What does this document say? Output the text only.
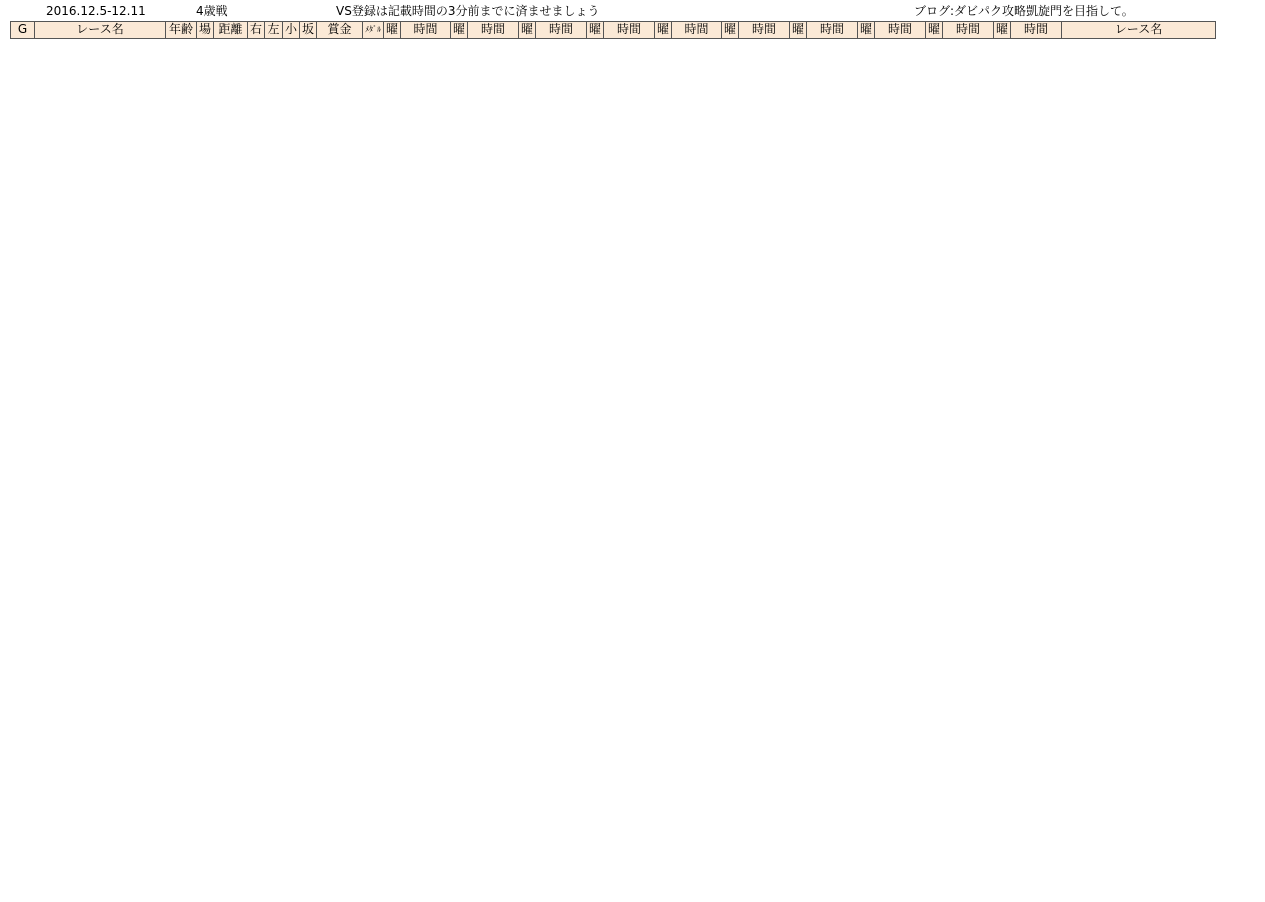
2016.12.5-12.11	4歳戦	VS登録は記載時間の3分前までに済ませましょう	ブログ:ダビパク攻略凱旋門を目指して。
G	レース名	年齢	場	距離	右	左	小	坂	賞金	ﾒﾀﾞﾙ	曜	時間	曜	時間	曜	時間	曜	時間	曜	時間	曜	時間	曜	時間	曜	時間	曜	時間	曜	時間	レース名
